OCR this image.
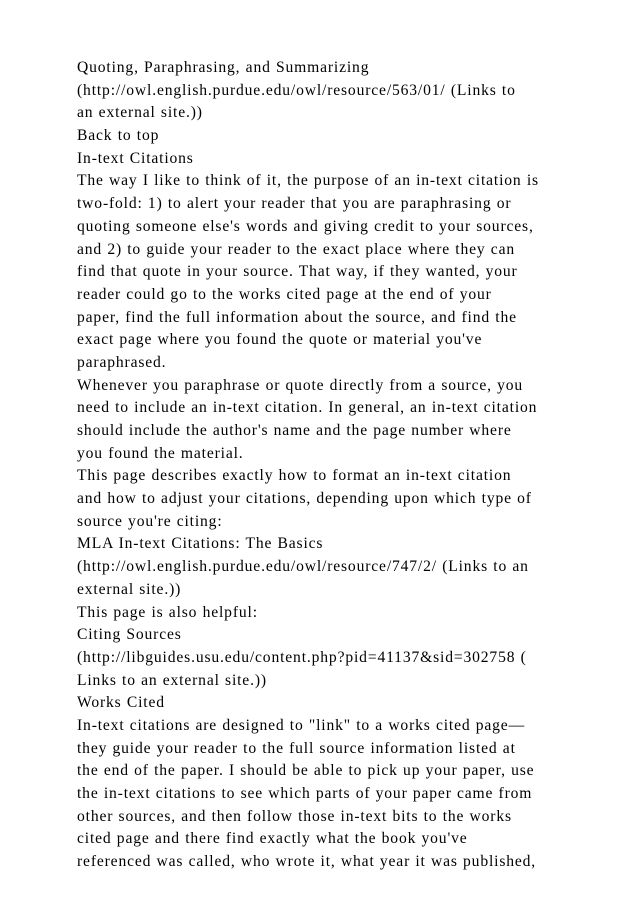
Quoting, Paraphrasing, and Summarizing
(http://owl.english.purdue.edu/owl/resource/563/01/ (Links to
an external site.))
Back to top
In-text Citations
The way I like to think of it, the purpose of an in-text citation is
two-fold: 1) to alert your reader that you are paraphrasing or
quoting someone else's words and giving credit to your sources,
and 2) to guide your reader to the exact place where they can
find that quote in your source. That way, if they wanted, your
reader could go to the works cited page at the end of your
paper, find the full information about the source, and find the
exact page where you found the quote or material you've
paraphrased.
Whenever you paraphrase or quote directly from a source, you
need to include an in-text citation. In general, an in-text citation
should include the author's name and the page number where
you found the material.
This page describes exactly how to format an in-text citation
and how to adjust your citations, depending upon which type of
source you're citing:
MLA In-text Citations: The Basics
(http://owl.english.purdue.edu/owl/resource/747/2/ (Links to an
external site.))
This page is also helpful:
Citing Sources
(http://libguides.usu.edu/content.php?pid=41137&sid=302758 (
Links to an external site.))
Works Cited
In-text citations are designed to "link" to a works cited page—
they guide your reader to the full source information listed at
the end of the paper. I should be able to pick up your paper, use
the in-text citations to see which parts of your paper came from
other sources, and then follow those in-text bits to the works
cited page and there find exactly what the book you've
referenced was called, who wrote it, what year it was published,
